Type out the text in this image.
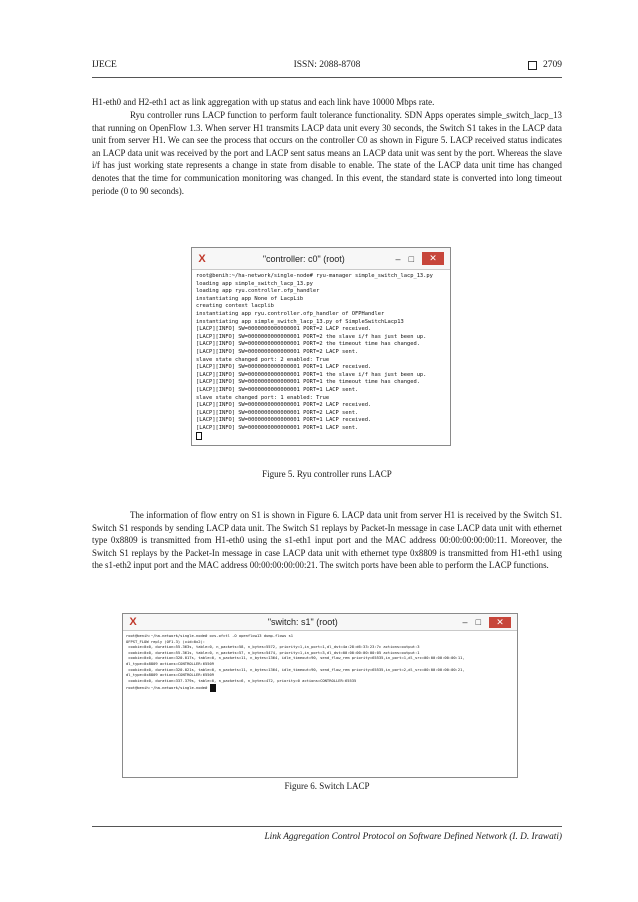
IJECE	ISSN: 2088-8708	2709

H1-eth0 and H2-eth1 act as link aggregation with up status and each link have 10000 Mbps rate.

Ryu controller runs LACP function to perform fault tolerance functionality. SDN Apps operates simple_switch_lacp_13 that running on OpenFlow 1.3. When server H1 transmits LACP data unit every 30 seconds, the Switch S1 takes in the LACP data unit from server H1. We can see the process that occurs on the controller C0 as shown in Figure 5. LACP received status indicates an LACP data unit was received by the port and LACP sent satus means an LACP data unit was sent by the port. Whereas the slave i/f has just working state represents a change in state from disable to enable. The state of the LACP data unit time has changed denotes that the time for communication monitoring was changed. In this event, the standard state is converted into long timeout periode (0 to 90 seconds).

X	"controller: c0" (root)	– □	✕
root@benih:~/ha-network/single-node# ryu-manager simple_switch_lacp_13.py
loading app simple_switch_lacp_13.py
loading app ryu.controller.ofp_handler
instantiating app None of LacpLib
creating context lacplib
instantiating app ryu.controller.ofp_handler of OFPHandler
instantiating app simple_switch_lacp_13.py of SimpleSwitchLacp13
[LACP][INFO] SW=0000000000000001 PORT=2 LACP received.
[LACP][INFO] SW=0000000000000001 PORT=2 the slave i/f has just been up.
[LACP][INFO] SW=0000000000000001 PORT=2 the timeout time has changed.
[LACP][INFO] SW=0000000000000001 PORT=2 LACP sent.
slave state changed port: 2 enabled: True
[LACP][INFO] SW=0000000000000001 PORT=1 LACP received.
[LACP][INFO] SW=0000000000000001 PORT=1 the slave i/f has just been up.
[LACP][INFO] SW=0000000000000001 PORT=1 the timeout time has changed.
[LACP][INFO] SW=0000000000000001 PORT=1 LACP sent.
slave state changed port: 1 enabled: True
[LACP][INFO] SW=0000000000000001 PORT=2 LACP received.
[LACP][INFO] SW=0000000000000001 PORT=2 LACP sent.
[LACP][INFO] SW=0000000000000001 PORT=1 LACP received.
[LACP][INFO] SW=0000000000000001 PORT=1 LACP sent.

Figure 5. Ryu controller runs LACP

The information of flow entry on S1 is shown in Figure 6. LACP data unit from server H1 is received by the Switch S1. Switch S1 responds by sending LACP data unit. The Switch S1 replays by Packet-In message in case LACP data unit with ethernet type 0x8809 is transmitted from H1-eth0 using the s1-eth1 input port and the MAC address 00:00:00:00:00:11. Moreover, the Switch S1 replays by the Packet-In message in case LACP data unit with ethernet type 0x8809 is transmitted from H1-eth1 using the s1-eth2 input port and the MAC address 00:00:00:00:00:21. The switch ports have been able to perform the LACP functions.

X	"switch: s1" (root)	– □	✕
root@benih:~/ha-network/single-node# ovs-ofctl -O openflow13 dump-flows s1
OFPST_FLOW reply (OF1.3) (xid=0x2):
cookie=0x0, duration=55.363s, table=0, n_packets=58, n_bytes=5572, priority=1,in_port=1,dl_dst=4a:28:d6:33:23:7c actions=output:3
cookie=0x0, duration=55.361s, table=0, n_packets=57, n_bytes=5474, priority=1,in_port=3,dl_dst=00:00:00:00:00:05 actions=output:1
cookie=0x0, duration=320.017s, table=0, n_packets=11, n_bytes=1364, idle_timeout=90, send_flow_rem priority=65535,in_port=1,dl_src=00:00:00:00:00:11,
dl_type=0x8809 actions=CONTROLLER:65509
cookie=0x0, duration=320.021s, table=0, n_packets=11, n_bytes=1364, idle_timeout=90, send_flow_rem priority=65535,in_port=2,dl_src=00:00:00:00:00:21,
dl_type=0x8809 actions=CONTROLLER:65509
cookie=0x0, duration=337.379s, table=0, n_packets=6, n_bytes=472, priority=0 actions=CONTROLLER:65535
root@benih:~/ha-network/single-node#

Figure 6. Switch LACP

Link Aggregation Control Protocol on Software Defined Network (I. D. Irawati)
